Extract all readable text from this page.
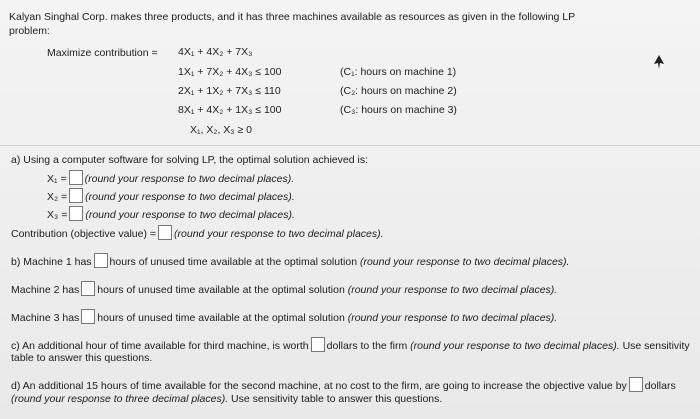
Kalyan Singhal Corp. makes three products, and it has three machines available as resources as given in the following LP
problem:
Maximize contribution = 4X₁ + 4X₂ + 7X₃
1X₁ + 7X₂ + 4X₃ ≤ 100	(C₁: hours on machine 1)
2X₁ + 1X₂ + 7X₃ ≤ 110	(C₂: hours on machine 2)
8X₁ + 4X₂ + 1X₃ ≤ 100	(C₃: hours on machine 3)
X₁, X₂, X₃ ≥ 0
a) Using a computer software for solving LP, the optimal solution achieved is:
X₁ = (round your response to two decimal places).
X₂ = (round your response to two decimal places).
X₃ = (round your response to two decimal places).
Contribution (objective value) = (round your response to two decimal places).
b) Machine 1 has hours of unused time available at the optimal solution (round your response to two decimal places).
Machine 2 has hours of unused time available at the optimal solution (round your response to two decimal places).
Machine 3 has hours of unused time available at the optimal solution (round your response to two decimal places).
c) An additional hour of time available for third machine, is worth dollars to the firm (round your response to two decimal places). Use sensitivity
table to answer this questions.
d) An additional 15 hours of time available for the second machine, at no cost to the firm, are going to increase the objective value by dollars
(round your response to three decimal places). Use sensitivity table to answer this questions.
